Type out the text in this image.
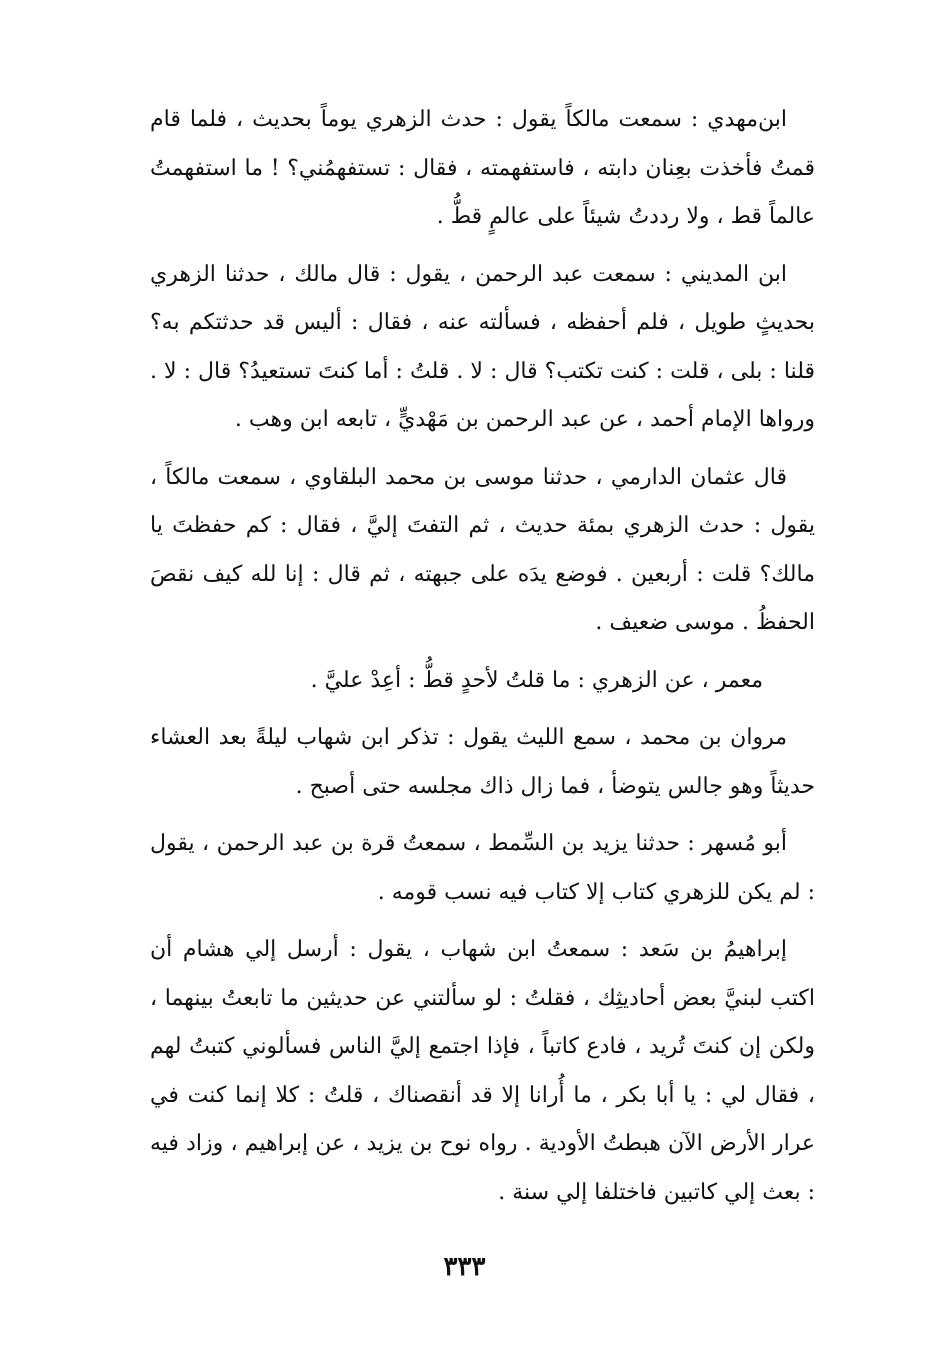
ابن‌مهدي : سمعت مالكاً يقول : حدث الزهري يوماً بحديث ، فلما قام قمتُ فأخذت بعِنان دابته ، فاستفهمته ، فقال : تستفهمُني؟ ! ما استفهمتُ عالماً قط ، ولا رددتُ شيئاً على عالمٍ قطُّ .

ابن المديني : سمعت عبد الرحمن ، يقول : قال مالك ، حدثنا الزهري بحديثٍ طويل ، فلم أحفظه ، فسألته عنه ، فقال : أليس قد حدثتكم به؟ قلنا : بلى ، قلت : كنت تكتب؟ قال : لا . قلتُ : أما كنتَ تستعيدُ؟ قال : لا . ورواها الإمام أحمد ، عن عبد الرحمن بن مَهْديٍّ ، تابعه ابن وهب .

قال عثمان الدارمي ، حدثنا موسى بن محمد البلقاوي ، سمعت مالكاً ، يقول : حدث الزهري بمئة حديث ، ثم التفتَ إليَّ ، فقال : كم حفظتَ يا مالك؟ قلت : أربعين . فوضع يدَه على جبهته ، ثم قال : إنا لله كيف نقصَ الحفظُ . موسى ضعيف .

معمر ، عن الزهري : ما قلتُ لأحدٍ قطُّ : أعِدْ عليَّ .

مروان بن محمد ، سمع الليث يقول : تذكر ابن شهاب ليلةً بعد العشاء حديثاً وهو جالس يتوضأ ، فما زال ذاك مجلسه حتى أصبح .

أبو مُسهر : حدثنا يزيد بن السِّمط ، سمعتُ قرة بن عبد الرحمن ، يقول : لم يكن للزهري كتاب إلا كتاب فيه نسب قومه .

إبراهيمُ بن سَعد : سمعتُ ابن شهاب ، يقول : أرسل إلي هشام أن اكتب لبنيَّ بعض أحاديثِك ، فقلتُ : لو سألتني عن حديثين ما تابعتُ بينهما ، ولكن إن كنتَ تُريد ، فادع كاتباً ، فإذا اجتمع إليَّ الناس فسألوني كتبتُ لهم ، فقال لي : يا أبا بكر ، ما أُرانا إلا قد أنقصناك ، قلتُ : كلا إنما كنت في عرار الأرض الآن هبطتُ الأودية . رواه نوح بن يزيد ، عن إبراهيم ، وزاد فيه : بعث إلي كاتبين فاختلفا إلي سنة .

٣٣٣
